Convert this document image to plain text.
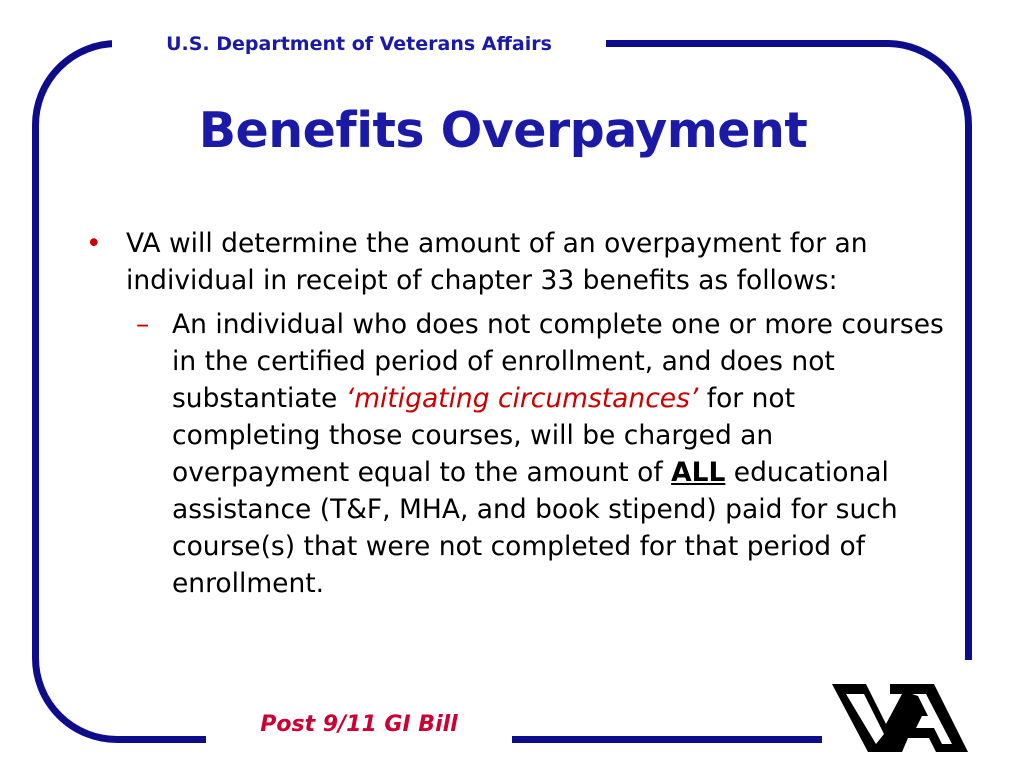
U.S. Department of Veterans Affairs
Benefits Overpayment
• VA will determine the amount of an overpayment for an individual in receipt of chapter 33 benefits as follows:
– An individual who does not complete one or more courses in the certified period of enrollment, and does not substantiate ‘mitigating circumstances’ for not completing those courses, will be charged an overpayment equal to the amount of ALL educational assistance (T&F, MHA, and book stipend) paid for such course(s) that were not completed for that period of enrollment.
Post 9/11 GI Bill
